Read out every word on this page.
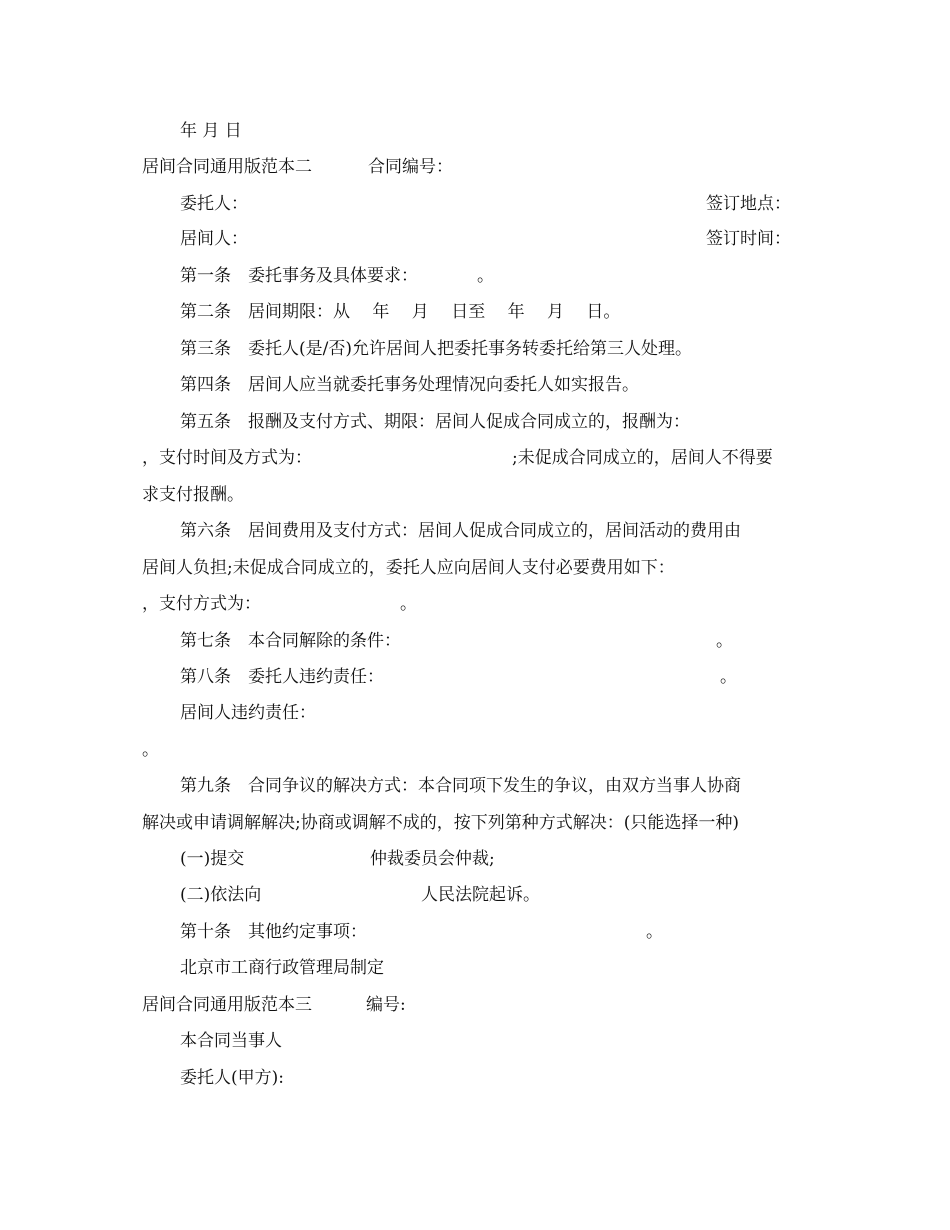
年 月 日
居间合同通用版范本二	合同编号：
委托人：	签订地点：
居间人：	签订时间：
第一条　委托事务及具体要求：	。
第二条　居间期限：从　 年　 月　 日至　 年　 月　 日。
第三条　委托人(是/否)允许居间人把委托事务转委托给第三人处理。
第四条　居间人应当就委托事务处理情况向委托人如实报告。
第五条　报酬及支付方式、期限：居间人促成合同成立的，报酬为：
，支付时间及方式为：	;未促成合同成立的，居间人不得要
求支付报酬。
第六条　居间费用及支付方式：居间人促成合同成立的，居间活动的费用由
居间人负担;未促成合同成立的，委托人应向居间人支付必要费用如下：
，支付方式为：	。
第七条　本合同解除的条件：	。
第八条　委托人违约责任：	。
居间人违约责任：
。
第九条　合同争议的解决方式：本合同项下发生的争议，由双方当事人协商
解决或申请调解解决;协商或调解不成的，按下列第种方式解决：(只能选择一种)
(一)提交	仲裁委员会仲裁;
(二)依法向	人民法院起诉。
第十条　其他约定事项：	。
北京市工商行政管理局制定
居间合同通用版范本三	编号:
本合同当事人
委托人(甲方):
